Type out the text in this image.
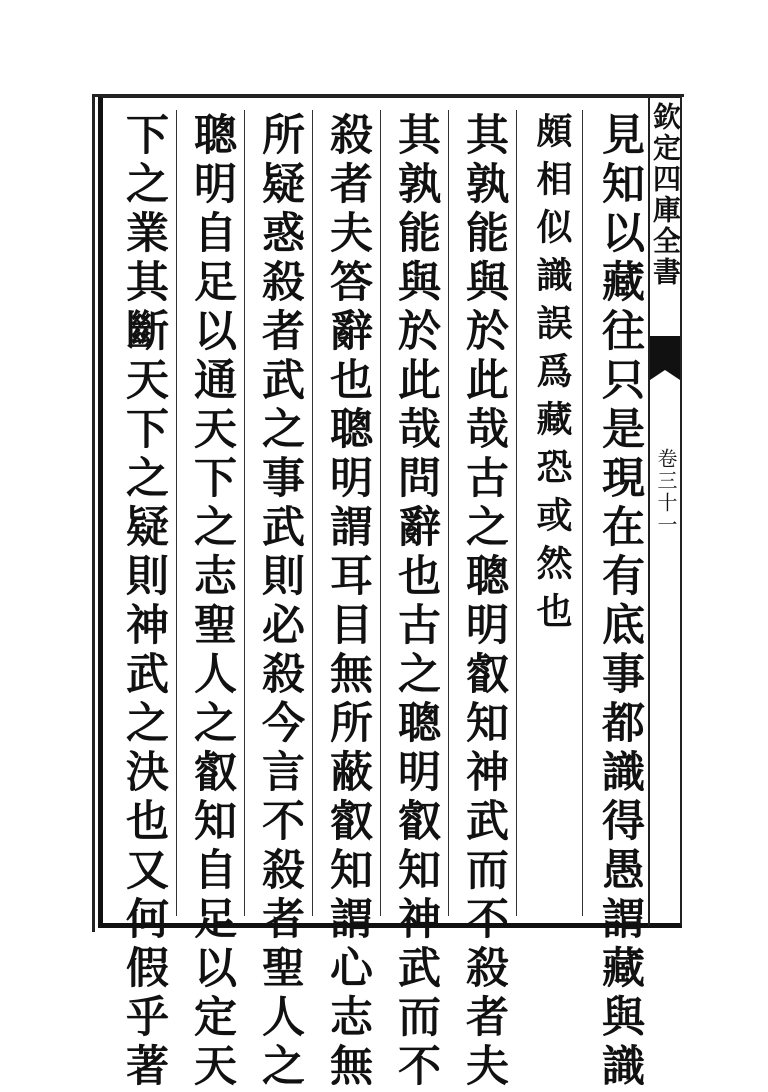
欽定四庫全書
卷三十一
見知以藏往只是現在有底事都識得愚謂藏與識
頗相似識誤爲藏恐或然也
其孰能與於此哉古之聰明叡知神武而不殺者夫
其孰能與於此哉問辭也古之聰明叡知神武而不
殺者夫答辭也聰明謂耳目無所蔽叡知謂心志無
所疑惑殺者武之事武則必殺今言不殺者聖人之
聰明自足以通天下之志聖人之叡知自足以定天
下之業其斷天下之疑則神武之決也又何假乎著
